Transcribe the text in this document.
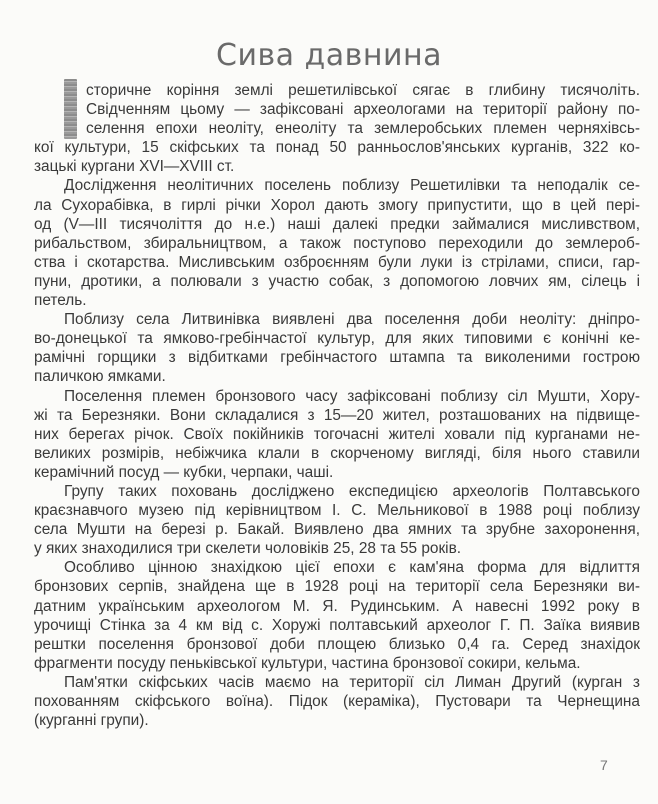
Сива давнина
сторичне коріння землі решетилівської сягає в глибину тисячоліть.
Свідченням цьому — зафіксовані археологами на території району по-
селення епохи неоліту, енеоліту та землеробських племен черняхівсь-
кої культури, 15 скіфських та понад 50 ранньослов'янських курганів, 322 ко-
зацькі кургани XVI—XVIII ст.
Дослідження неолітичних поселень поблизу Решетилівки та неподалік се-
ла Сухорабівка, в гирлі річки Хорол дають змогу припустити, що в цей пері-
од (V—III тисячоліття до н.е.) наші далекі предки займалися мисливством,
рибальством, збиральництвом, а також поступово переходили до землероб-
ства і скотарства. Мисливським озброєнням були луки із стрілами, списи, гар-
пуни, дротики, а полювали з участю собак, з допомогою ловчих ям, сілець і
петель.
Поблизу села Литвинівка виявлені два поселення доби неоліту: дніпро-
во-донецької та ямково-гребінчастої культур, для яких типовими є конічні ке-
рамічні горщики з відбитками гребінчастого штампа та виколеними гострою
паличкою ямками.
Поселення племен бронзового часу зафіксовані поблизу сіл Мушти, Хору-
жі та Березняки. Вони складалися з 15—20 жител, розташованих на підвище-
них берегах річок. Своїх покійників тогочасні жителі ховали під курганами не-
великих розмірів, небіжчика клали в скорченому вигляді, біля нього ставили
керамічний посуд — кубки, черпаки, чаші.
Групу таких поховань досліджено експедицією археологів Полтавського
краєзнавчого музею під керівництвом І. С. Мельникової в 1988 році поблизу
села Мушти на березі р. Бакай. Виявлено два ямних та зрубне захоронення,
у яких знаходилися три скелети чоловіків 25, 28 та 55 років.
Особливо цінною знахідкою цієї епохи є кам'яна форма для відлиття
бронзових серпів, знайдена ще в 1928 році на території села Березняки ви-
датним українським археологом М. Я. Рудинським. А навесні 1992 року в
урочищі Стінка за 4 км від с. Хоружі полтавський археолог Г. П. Заїка виявив
рештки поселення бронзової доби площею близько 0,4 га. Серед знахідок
фрагменти посуду пеньківської культури, частина бронзової сокири, кельма.
Пам'ятки скіфських часів маємо на території сіл Лиман Другий (курган з
похованням скіфського воїна). Підок (кераміка), Пустовари та Чернещина
(курганні групи).
7
